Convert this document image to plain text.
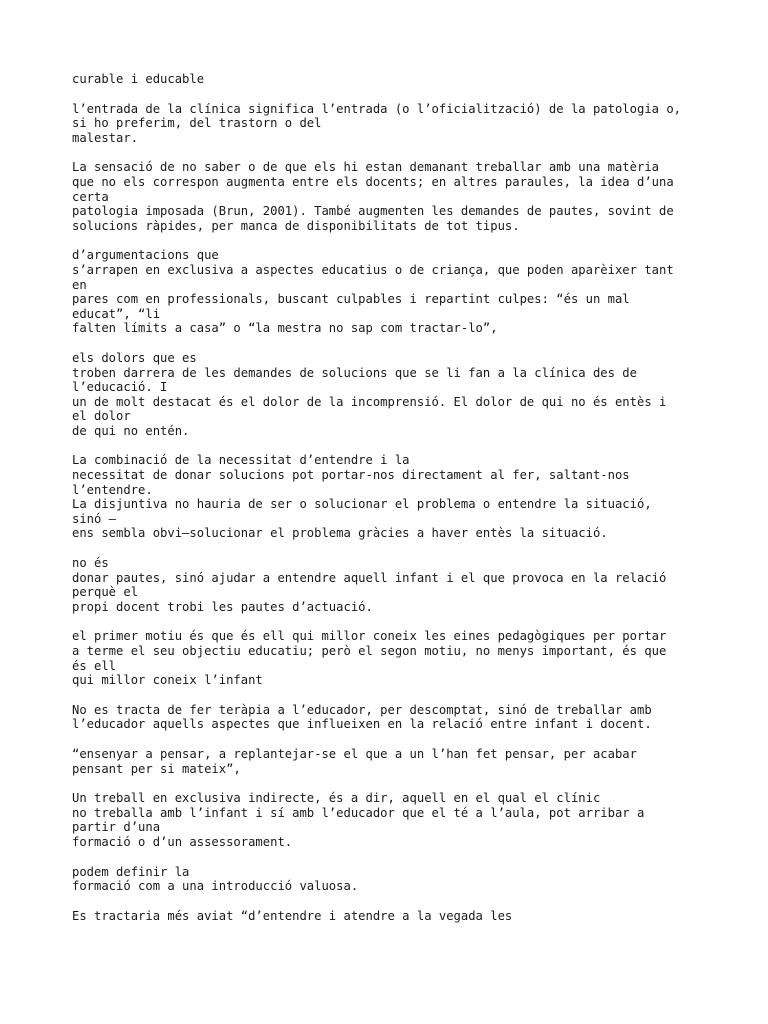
curable i educable
l’entrada de la clínica significa l’entrada (o l’oficialització) de la patologia o,
si ho preferim, del trastorn o del
malestar.
La sensació de no saber o de que els hi estan demanant treballar amb una matèria
que no els correspon augmenta entre els docents; en altres paraules, la idea d’una
certa
patologia imposada (Brun, 2001). També augmenten les demandes de pautes, sovint de
solucions ràpides, per manca de disponibilitats de tot tipus.
d’argumentacions que
s’arrapen en exclusiva a aspectes educatius o de criança, que poden aparèixer tant
en
pares com en professionals, buscant culpables i repartint culpes: “és un mal
educat”, “li
falten límits a casa” o “la mestra no sap com tractar-lo”,
els dolors que es
troben darrera de les demandes de solucions que se li fan a la clínica des de
l’educació. I
un de molt destacat és el dolor de la incomprensió. El dolor de qui no és entès i
el dolor
de qui no entén.
La combinació de la necessitat d’entendre i la
necessitat de donar solucions pot portar-nos directament al fer, saltant-nos
l’entendre.
La disjuntiva no hauria de ser o solucionar el problema o entendre la situació,
sinó —
ens sembla obvi—solucionar el problema gràcies a haver entès la situació.
no és
donar pautes, sinó ajudar a entendre aquell infant i el que provoca en la relació
perquè el
propi docent trobi les pautes d’actuació.
el primer motiu és que és ell qui millor coneix les eines pedagògiques per portar
a terme el seu objectiu educatiu; però el segon motiu, no menys important, és que
és ell
qui millor coneix l’infant
No es tracta de fer teràpia a l’educador, per descomptat, sinó de treballar amb
l’educador aquells aspectes que influeixen en la relació entre infant i docent.
“ensenyar a pensar, a replantejar-se el que a un l’han fet pensar, per acabar
pensant per si mateix”,
Un treball en exclusiva indirecte, és a dir, aquell en el qual el clínic
no treballa amb l’infant i sí amb l’educador que el té a l’aula, pot arribar a
partir d’una
formació o d’un assessorament.
podem definir la
formació com a una introducció valuosa.
Es tractaria més aviat “d’entendre i atendre a la vegada les
